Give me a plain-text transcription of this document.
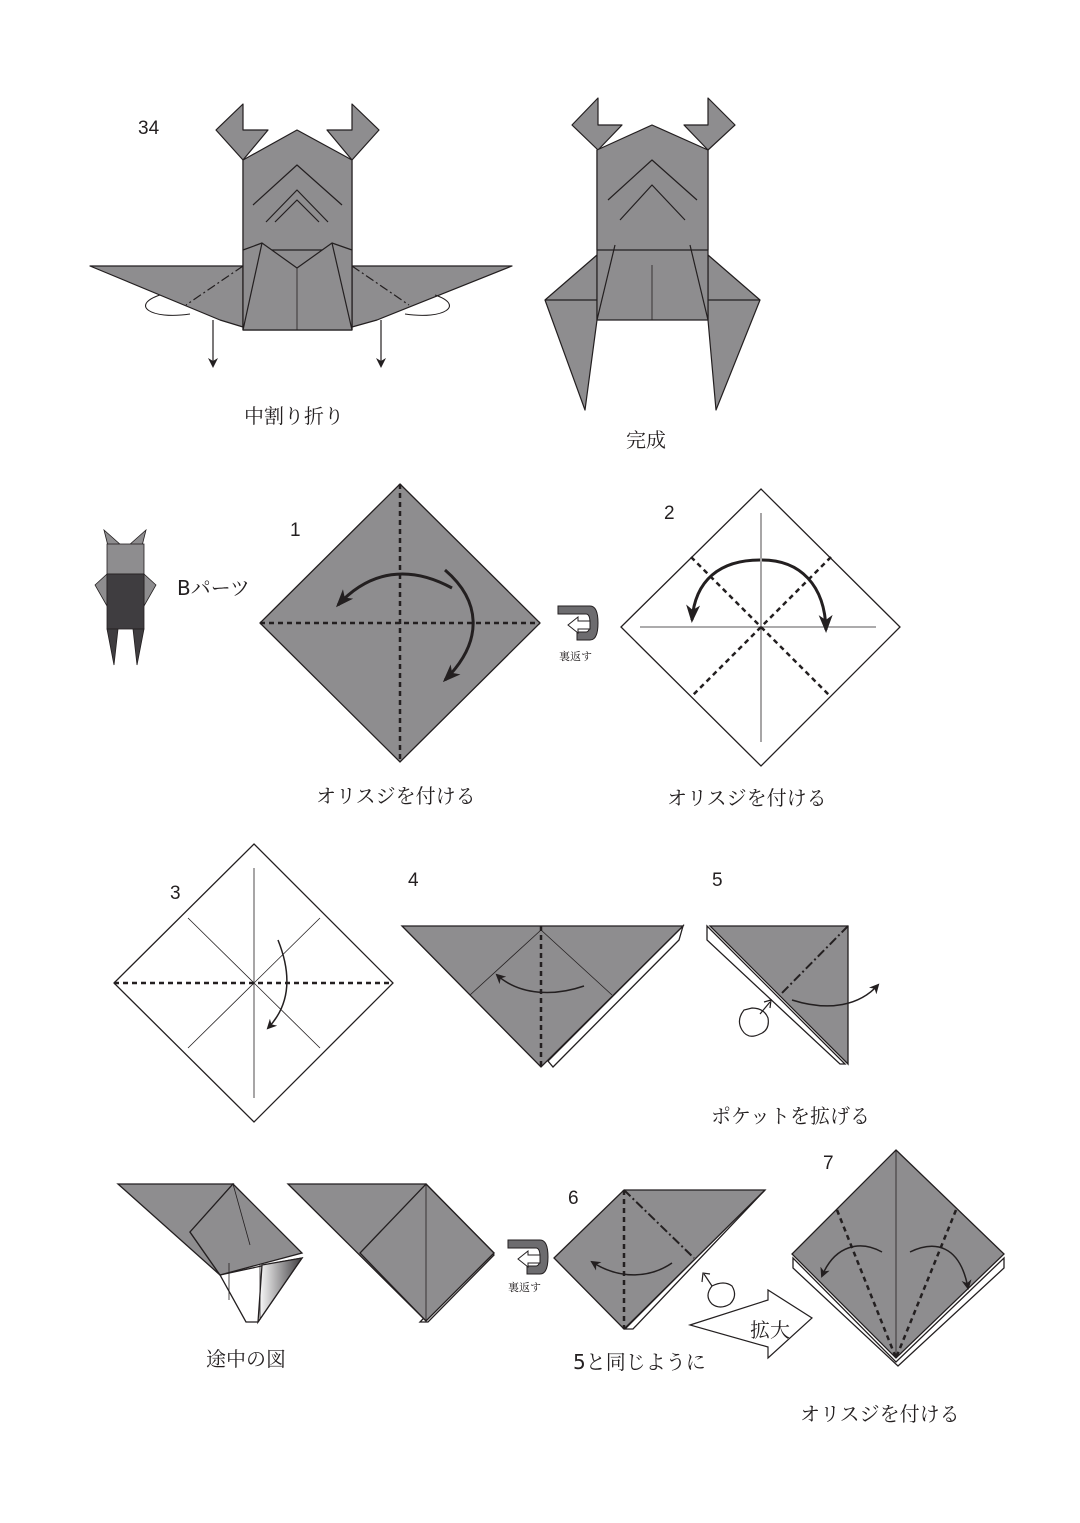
34
中割り折り
完成
Bパーツ
1
オリスジを付ける
裏返す
2
オリスジを付ける
3
4	5
ポケットを拡げる
途中の図
裏返す
6
5と同じように
拡大
7
オリスジを付ける
